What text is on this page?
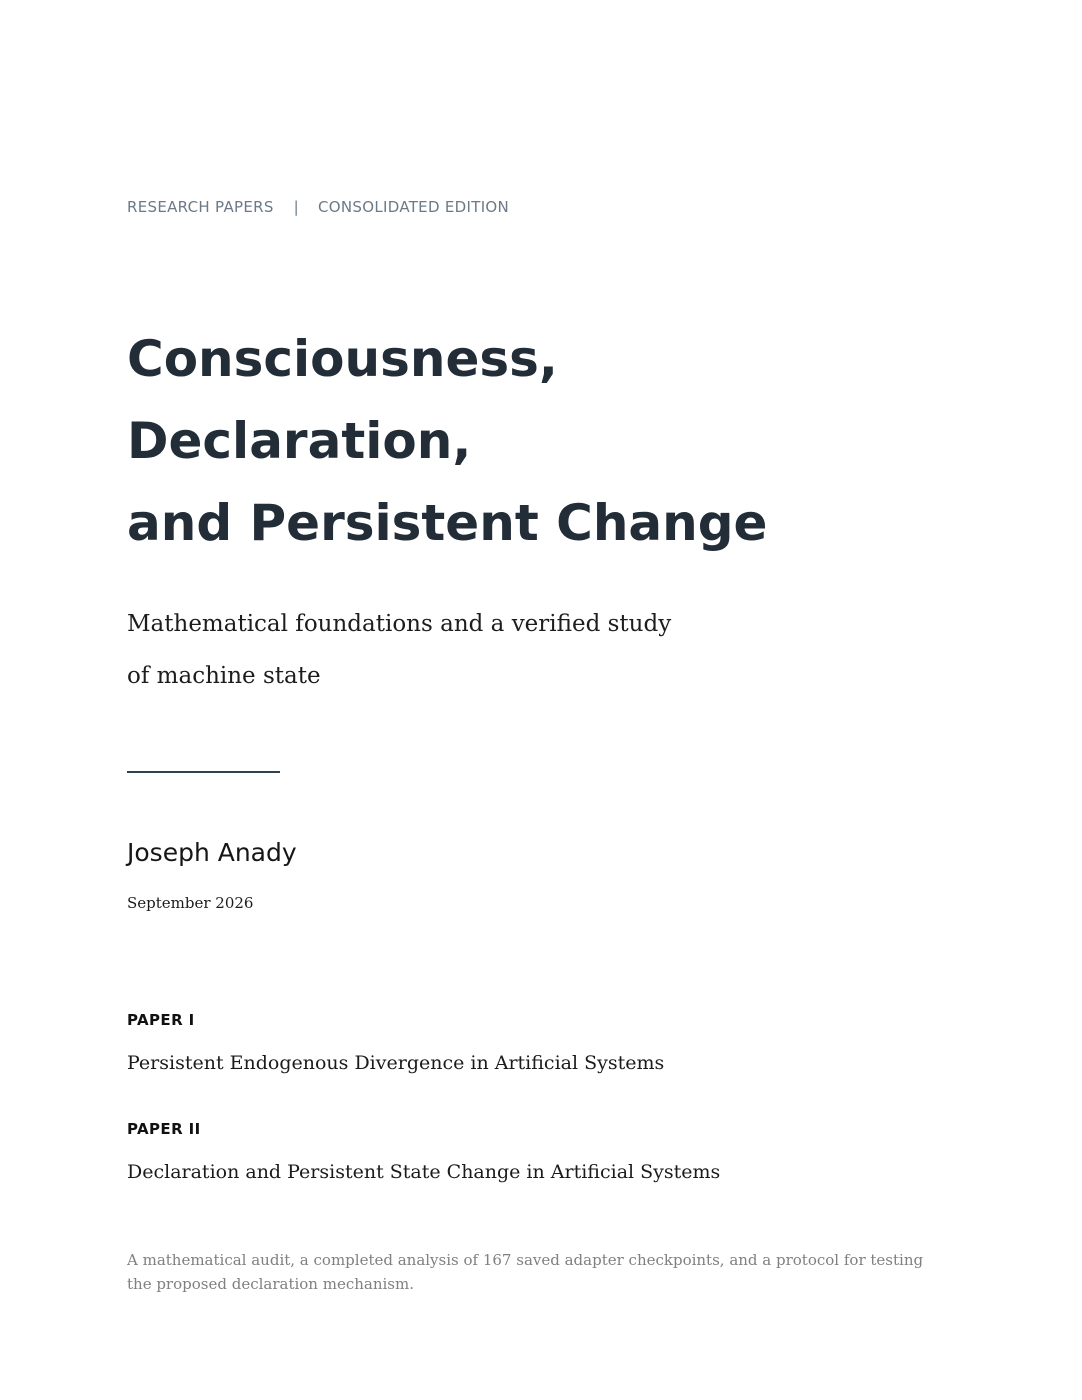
RESEARCH PAPERS | CONSOLIDATED EDITION
Consciousness,
Declaration,
and Persistent Change
Mathematical foundations and a verified study
of machine state
Joseph Anady
September 2026
PAPER I
Persistent Endogenous Divergence in Artificial Systems
PAPER II
Declaration and Persistent State Change in Artificial Systems
A mathematical audit, a completed analysis of 167 saved adapter checkpoints, and a protocol for testing the proposed declaration mechanism.
